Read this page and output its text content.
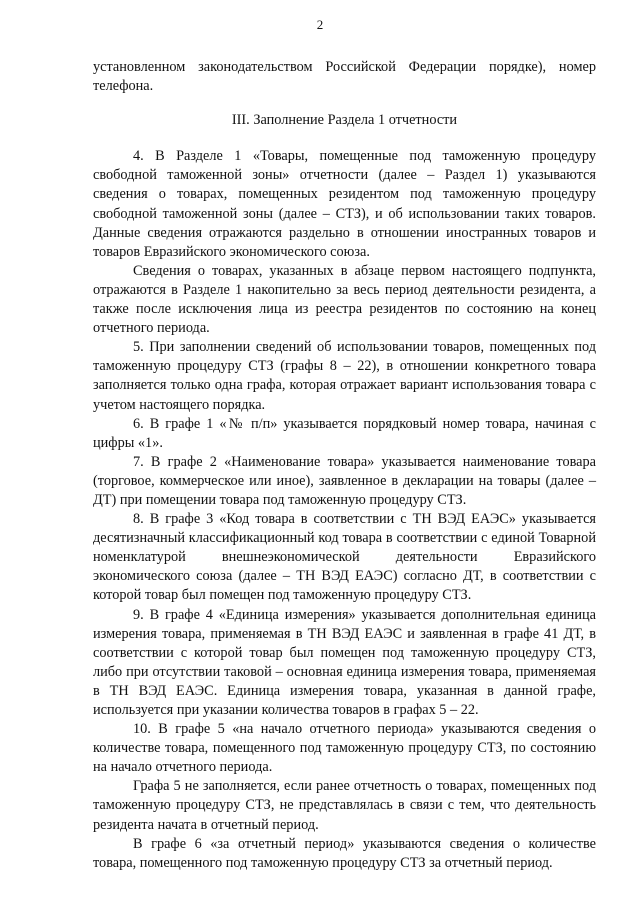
2

установленном законодательством Российской Федерации порядке), номер телефона.

III. Заполнение Раздела 1 отчетности

4. В Разделе 1 «Товары, помещенные под таможенную процедуру свободной таможенной зоны» отчетности (далее – Раздел 1) указываются сведения о товарах, помещенных резидентом под таможенную процедуру свободной таможенной зоны (далее – СТЗ), и об использовании таких товаров. Данные сведения отражаются раздельно в отношении иностранных товаров и товаров Евразийского экономического союза.

Сведения о товарах, указанных в абзаце первом настоящего подпункта, отражаются в Разделе 1 накопительно за весь период деятельности резидента, а также после исключения лица из реестра резидентов по состоянию на конец отчетного периода.

5. При заполнении сведений об использовании товаров, помещенных под таможенную процедуру СТЗ (графы 8 – 22), в отношении конкретного товара заполняется только одна графа, которая отражает вариант использования товара с учетом настоящего порядка.

6. В графе 1 «№ п/п» указывается порядковый номер товара, начиная с цифры «1».

7. В графе 2 «Наименование товара» указывается наименование товара (торговое, коммерческое или иное), заявленное в декларации на товары (далее – ДТ) при помещении товара под таможенную процедуру СТЗ.

8. В графе 3 «Код товара в соответствии с ТН ВЭД ЕАЭС» указывается десятизначный классификационный код товара в соответствии с единой Товарной номенклатурой внешнеэкономической деятельности Евразийского экономического союза (далее – ТН ВЭД ЕАЭС) согласно ДТ, в соответствии с которой товар был помещен под таможенную процедуру СТЗ.

9. В графе 4 «Единица измерения» указывается дополнительная единица измерения товара, применяемая в ТН ВЭД ЕАЭС и заявленная в графе 41 ДТ, в соответствии с которой товар был помещен под таможенную процедуру СТЗ, либо при отсутствии таковой – основная единица измерения товара, применяемая в ТН ВЭД ЕАЭС. Единица измерения товара, указанная в данной графе, используется при указании количества товаров в графах 5 – 22.

10. В графе 5 «на начало отчетного периода» указываются сведения о количестве товара, помещенного под таможенную процедуру СТЗ, по состоянию на начало отчетного периода.

Графа 5 не заполняется, если ранее отчетность о товарах, помещенных под таможенную процедуру СТЗ, не представлялась в связи с тем, что деятельность резидента начата в отчетный период.

В графе 6 «за отчетный период» указываются сведения о количестве товара, помещенного под таможенную процедуру СТЗ за отчетный период.
